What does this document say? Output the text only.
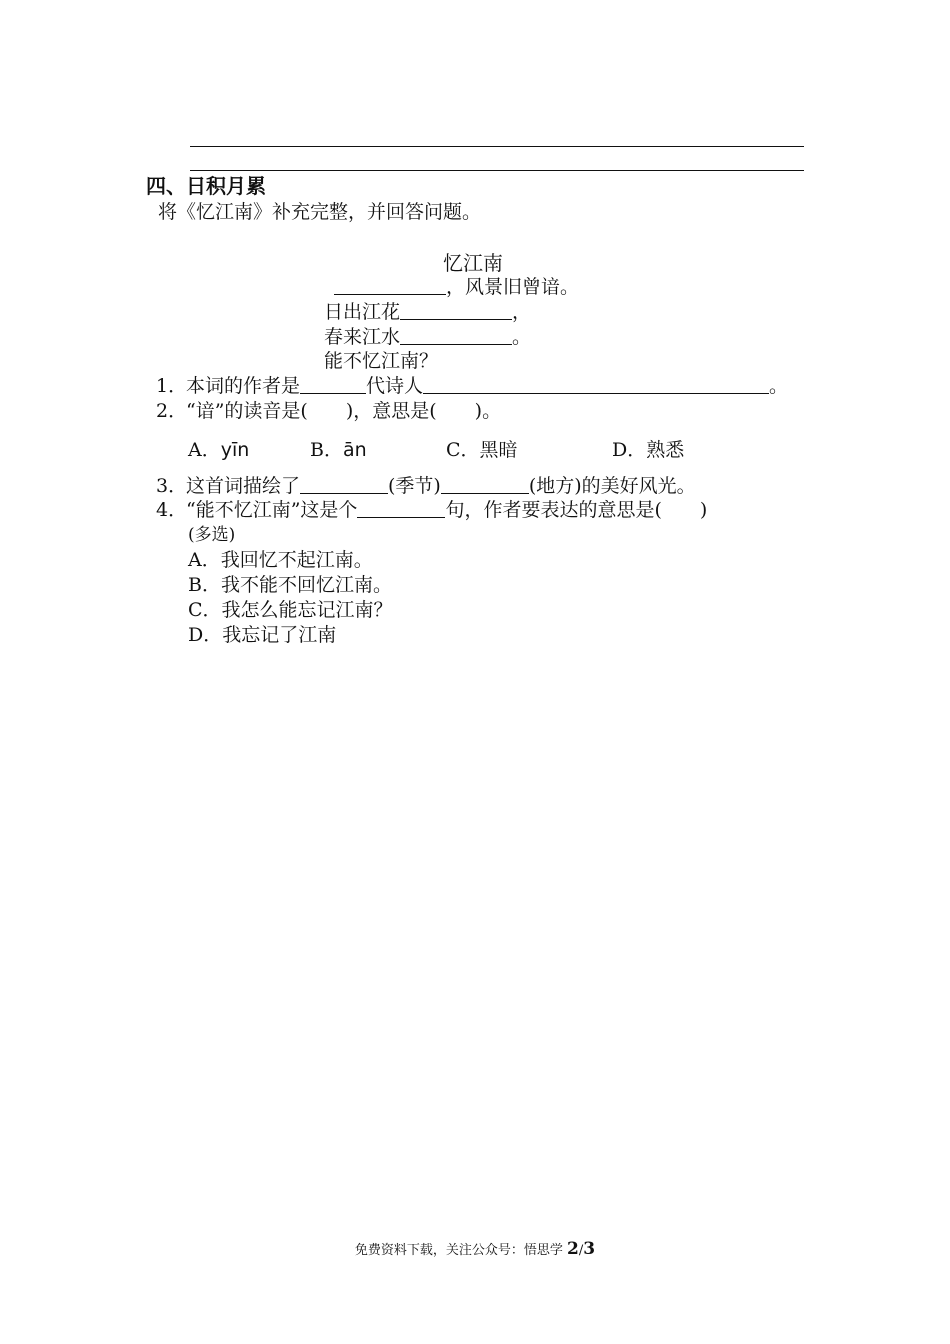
四、日积月累
将《忆江南》补充完整，并回答问题。
忆江南
，风景旧曾谙。
日出江花	，
春来江水	。
能不忆江南？
1．本词的作者是	代诗人	。
2．“谙”的读音是(　　)，意思是(　　)。
A．yīn	B．ān	C．黑暗	D．熟悉
3．这首词描绘了	(季节)	(地方)的美好风光。
4．“能不忆江南”这是个	句，作者要表达的意思是(　　)
(多选)
A．我回忆不起江南。
B．我不能不回忆江南。
C．我怎么能忘记江南？
D．我忘记了江南
免费资料下载，关注公众号：悟思学 2/3
